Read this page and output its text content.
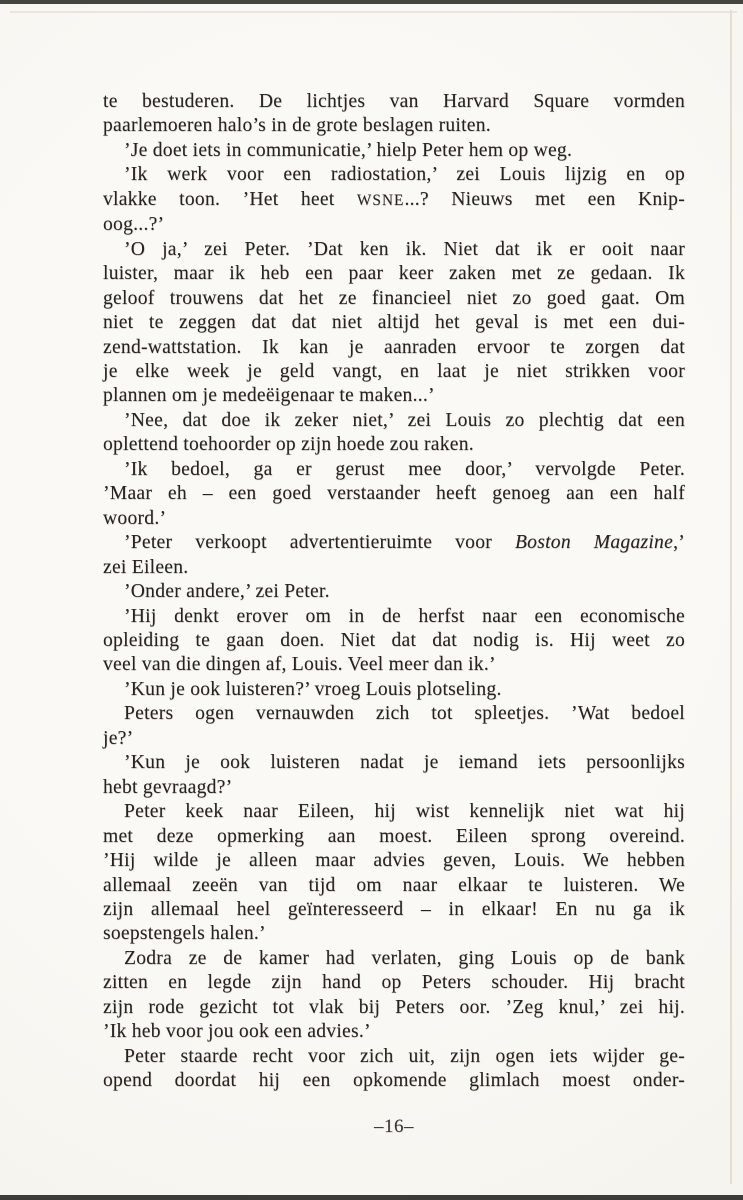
te bestuderen. De lichtjes van Harvard Square vormden
paarlemoeren halo’s in de grote beslagen ruiten.
’Je doet iets in communicatie,’ hielp Peter hem op weg.
’Ik werk voor een radiostation,’ zei Louis lijzig en op
vlakke toon. ’Het heet WSNE...? Nieuws met een Knip-
oog...?’
’O ja,’ zei Peter. ’Dat ken ik. Niet dat ik er ooit naar
luister, maar ik heb een paar keer zaken met ze gedaan. Ik
geloof trouwens dat het ze financieel niet zo goed gaat. Om
niet te zeggen dat dat niet altijd het geval is met een dui-
zend-wattstation. Ik kan je aanraden ervoor te zorgen dat
je elke week je geld vangt, en laat je niet strikken voor
plannen om je medeëigenaar te maken...’
’Nee, dat doe ik zeker niet,’ zei Louis zo plechtig dat een
oplettend toehoorder op zijn hoede zou raken.
’Ik bedoel, ga er gerust mee door,’ vervolgde Peter.
’Maar eh – een goed verstaander heeft genoeg aan een half
woord.’
’Peter verkoopt advertentieruimte voor Boston Magazine,’
zei Eileen.
’Onder andere,’ zei Peter.
’Hij denkt erover om in de herfst naar een economische
opleiding te gaan doen. Niet dat dat nodig is. Hij weet zo
veel van die dingen af, Louis. Veel meer dan ik.’
’Kun je ook luisteren?’ vroeg Louis plotseling.
Peters ogen vernauwden zich tot spleetjes. ’Wat bedoel
je?’
’Kun je ook luisteren nadat je iemand iets persoonlijks
hebt gevraagd?’
Peter keek naar Eileen, hij wist kennelijk niet wat hij
met deze opmerking aan moest. Eileen sprong overeind.
’Hij wilde je alleen maar advies geven, Louis. We hebben
allemaal zeeën van tijd om naar elkaar te luisteren. We
zijn allemaal heel geïnteresseerd – in elkaar! En nu ga ik
soepstengels halen.’
Zodra ze de kamer had verlaten, ging Louis op de bank
zitten en legde zijn hand op Peters schouder. Hij bracht
zijn rode gezicht tot vlak bij Peters oor. ’Zeg knul,’ zei hij.
’Ik heb voor jou ook een advies.’
Peter staarde recht voor zich uit, zijn ogen iets wijder ge-
opend doordat hij een opkomende glimlach moest onder-
–16–
